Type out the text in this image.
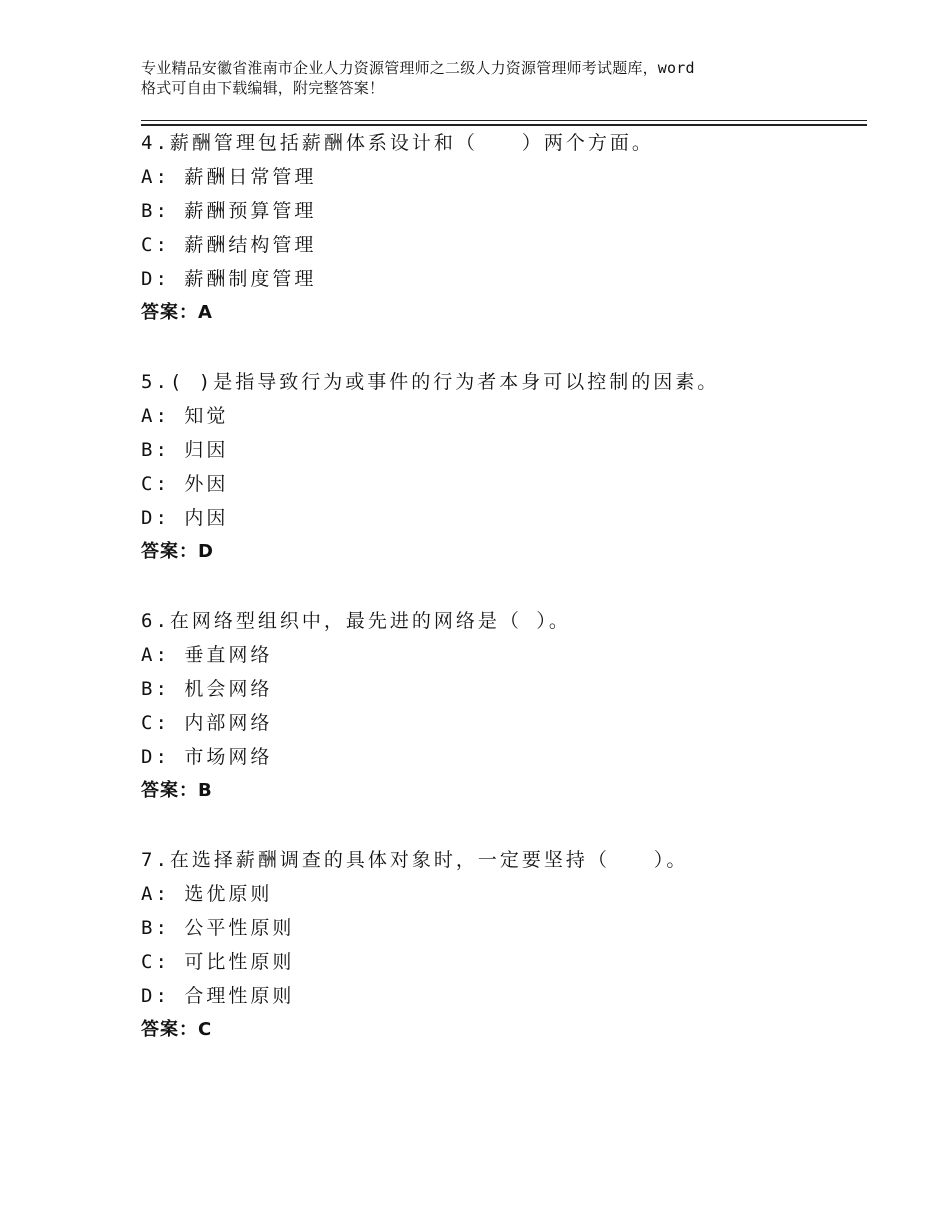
专业精品安徽省淮南市企业人力资源管理师之二级人力资源管理师考试题库，word
格式可自由下载编辑，附完整答案！
4.薪酬管理包括薪酬体系设计和（　　）两个方面。
A: 薪酬日常管理
B: 薪酬预算管理
C: 薪酬结构管理
D: 薪酬制度管理
答案：A
5.( )是指导致行为或事件的行为者本身可以控制的因素。
A: 知觉
B: 归因
C: 外因
D: 内因
答案：D
6.在网络型组织中，最先进的网络是（ ）。
A: 垂直网络
B: 机会网络
C: 内部网络
D: 市场网络
答案：B
7.在选择薪酬调查的具体对象时，一定要坚持（　　）。
A: 选优原则
B: 公平性原则
C: 可比性原则
D: 合理性原则
答案：C
